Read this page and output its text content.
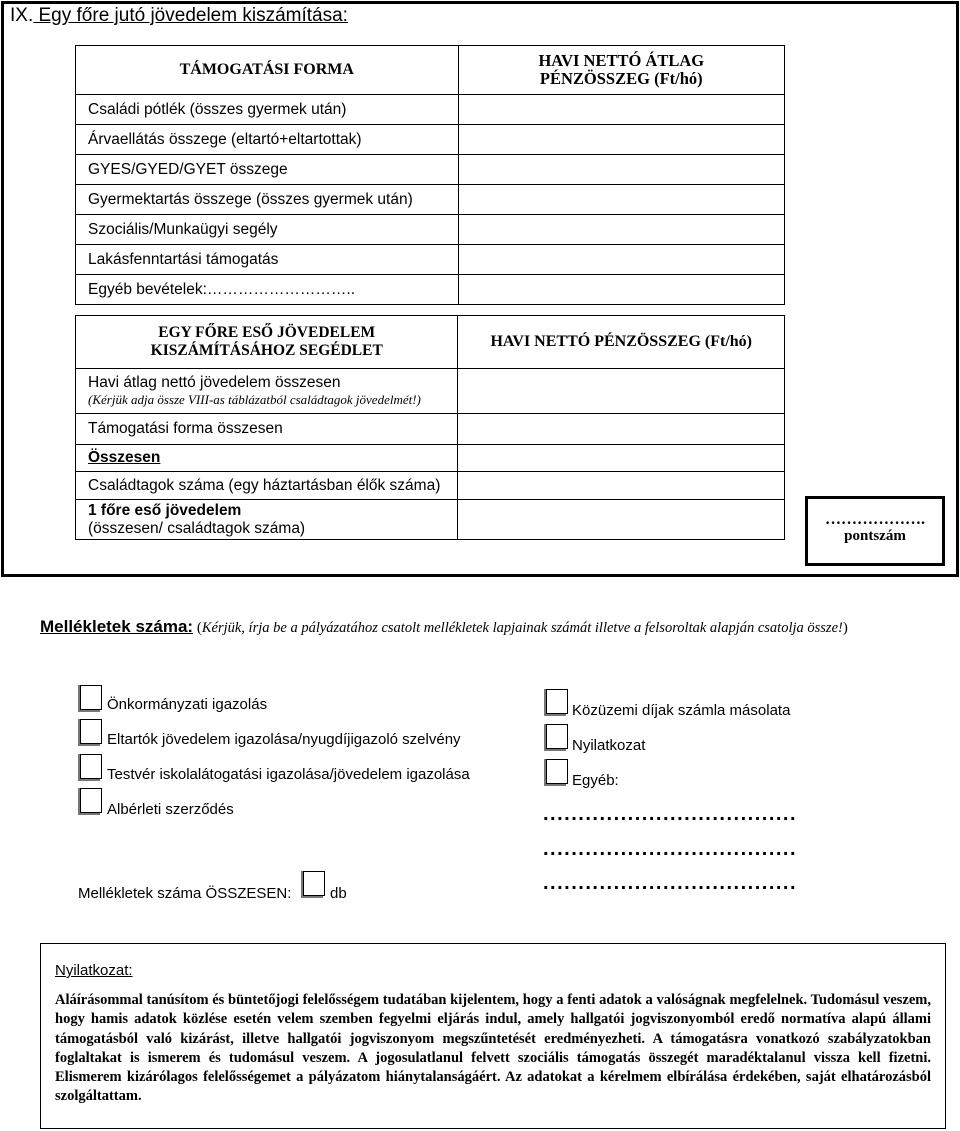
IX. Egy főre jutó jövedelem kiszámítása:
TÁMOGATÁSI FORMA	HAVI NETTÓ ÁTLAG
PÉNZÖSSZEG (Ft/hó)

Családi pótlék (összes gyermek után)	
Árvaellátás összege (eltartó+eltartottak)	
GYES/GYED/GYET összege	
Gyermektartás összege (összes gyermek után)	
Szociális/Munkaügyi segély	
Lakásfenntartási támogatás	
Egyéb bevételek:………………………..	
EGY FŐRE ESŐ JÖVEDELEM
KISZÁMÍTÁSÁHOZ SEGÉDLET	HAVI NETTÓ PÉNZÖSSZEG (Ft/hó)

Havi átlag nettó jövedelem összesen
(Kérjük adja össze VIII-as táblázatból családtagok jövedelmét!)	

Támogatási forma összesen	
Összesen	
Családtagok száma (egy háztartásban élők száma)	

1 főre eső jövedelem
(összesen/ családtagok száma)	
		……………….
pontszám
Mellékletek száma: (Kérjük, írja be a pályázatához csatolt mellékletek lapjainak számát illetve a felsoroltak alapján csatolja össze!)
Önkormányzati igazolás
Eltartók jövedelem igazolása/nyugdíjigazoló szelvény
Testvér iskolalátogatási igazolása/jövedelem igazolása
Albérleti szerződés
Közüzemi díjak számla másolata
Nyilatkozat
Egyéb:
....................................
....................................
....................................
Mellékletek száma ÖSSZESEN:	db
Nyilatkozat:
Aláírásommal tanúsítom és büntetőjogi felelősségem tudatában kijelentem, hogy a fenti adatok a valóságnak megfelelnek. Tudomásul veszem, hogy hamis adatok közlése esetén velem szemben fegyelmi eljárás indul, amely hallgatói jogviszonyomból eredő normatíva alapú állami támogatásból való kizárást, illetve hallgatói jogviszonyom megszűntetését eredményezheti. A támogatásra vonatkozó szabályzatokban foglaltakat is ismerem és tudomásul veszem. A jogosulatlanul felvett szociális támogatás összegét maradéktalanul vissza kell fizetni. Elismerem kizárólagos felelősségemet a pályázatom hiánytalanságáért. Az adatokat a kérelmem elbírálása érdekében, saját elhatározásból szolgáltattam.
